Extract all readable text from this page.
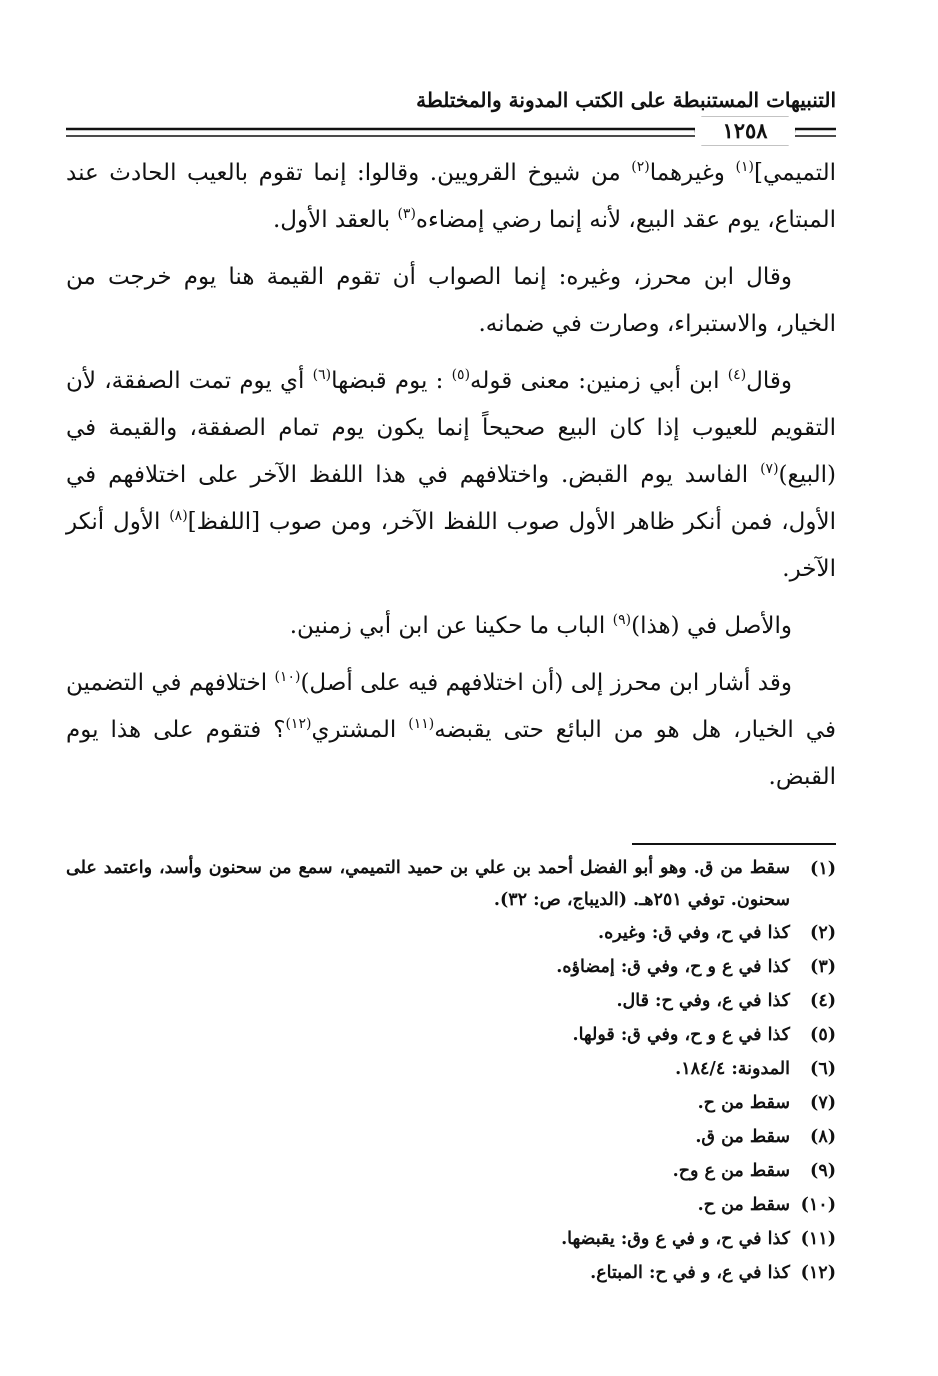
التنبيهات المستنبطة على الكتب المدونة والمختلطة
١٢٥٨

التميمي]$^{(١)}$ وغيرهما$^{(٢)}$ من شيوخ القرويين. وقالوا: إنما تقوم بالعيب الحادث عند المبتاع، يوم عقد البيع، لأنه إنما رضي إمضاءه$^{(٣)}$ بالعقد الأول.

وقال ابن محرز، وغيره: إنما الصواب أن تقوم القيمة هنا يوم خرجت من الخيار، والاستبراء، وصارت في ضمانه.

وقال$^{(٤)}$ ابن أبي زمنين: معنى قوله$^{(٥)}$ : يوم قبضها$^{(٦)}$ أي يوم تمت الصفقة، لأن التقويم للعيوب إذا كان البيع صحيحاً إنما يكون يوم تمام الصفقة، والقيمة في (البيع)$^{(٧)}$ الفاسد يوم القبض. واختلافهم في هذا اللفظ الآخر على اختلافهم في الأول، فمن أنكر ظاهر الأول صوب اللفظ الآخر، ومن صوب [اللفظ]$^{(٨)}$ الأول أنكر الآخر.

والأصل في (هذا)$^{(٩)}$ الباب ما حكينا عن ابن أبي زمنين.

وقد أشار ابن محرز إلى (أن اختلافهم فيه على أصل)$^{(١٠)}$ اختلافهم في التضمين في الخيار، هل هو من البائع حتى يقبضه$^{(١١)}$ المشتري$^{(١٢)}$؟ فتقوم على هذا يوم القبض.

(١)
سقط من ق. وهو أبو الفضل أحمد بن علي بن حميد التميمي، سمع من سحنون وأسد، واعتمد على سحنون. توفي ٢٥١هـ. (الديباج، ص: ٣٢).
(٢)
كذا في ح، وفي ق: وغيره.
(٣)
كذا في ع و ح، وفي ق: إمضاؤه.
(٤)
كذا في ع، وفي ح: قال.
(٥)
كذا في ع و ح، وفي ق: قولها.
(٦)
المدونة: ١٨٤/٤.
(٧)
سقط من ح.
(٨)
سقط من ق.
(٩)
سقط من ع وح.
(١٠)
سقط من ح.
(١١)
كذا في ح، و في ع وق: يقبضها.
(١٢)
كذا في ع، و في ح: المبتاع.
